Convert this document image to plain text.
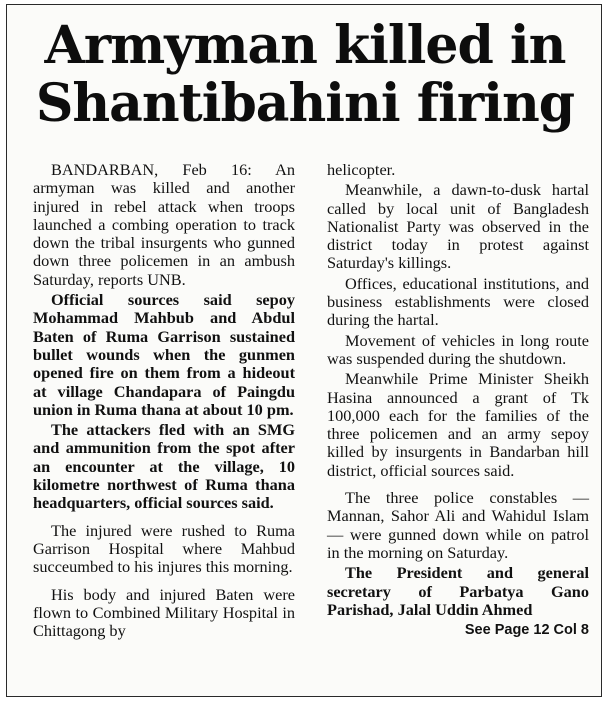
Armyman killed in
Shantibahini firing

BANDARBAN, Feb 16: An armyman was killed and another injured in rebel attack when troops launched a combing operation to track down the tribal insurgents who gunned down three policemen in an ambush Saturday, reports UNB.

Official sources said sepoy Mohammad Mahbub and Abdul Baten of Ruma Garrison sustained bullet wounds when the gunmen opened fire on them from a hideout at village Chandapara of Paingdu union in Ruma thana at about 10 pm.

The attackers fled with an SMG and ammunition from the spot after an encounter at the village, 10 kilometre northwest of Ruma thana headquarters, official sources said.

The injured were rushed to Ruma Garrison Hospital where Mahbud succeumbed to his injures this morning.

His body and injured Baten were flown to Combined Military Hospital in Chittagong by

helicopter.

Meanwhile, a dawn-to-dusk hartal called by local unit of Bangladesh Nationalist Party was observed in the district today in protest against Saturday's killings.

Offices, educational institutions, and business establishments were closed during the hartal.

Movement of vehicles in long route was suspended during the shutdown.

Meanwhile Prime Minister Sheikh Hasina announced a grant of Tk 100,000 each for the families of the three policemen and an army sepoy killed by insurgents in Bandarban hill district, official sources said.

The three police constables — Mannan, Sahor Ali and Wahidul Islam — were gunned down while on patrol in the morning on Saturday.

The President and general secretary of Parbatya Gano Parishad, Jalal Uddin Ahmed

See Page 12 Col 8
